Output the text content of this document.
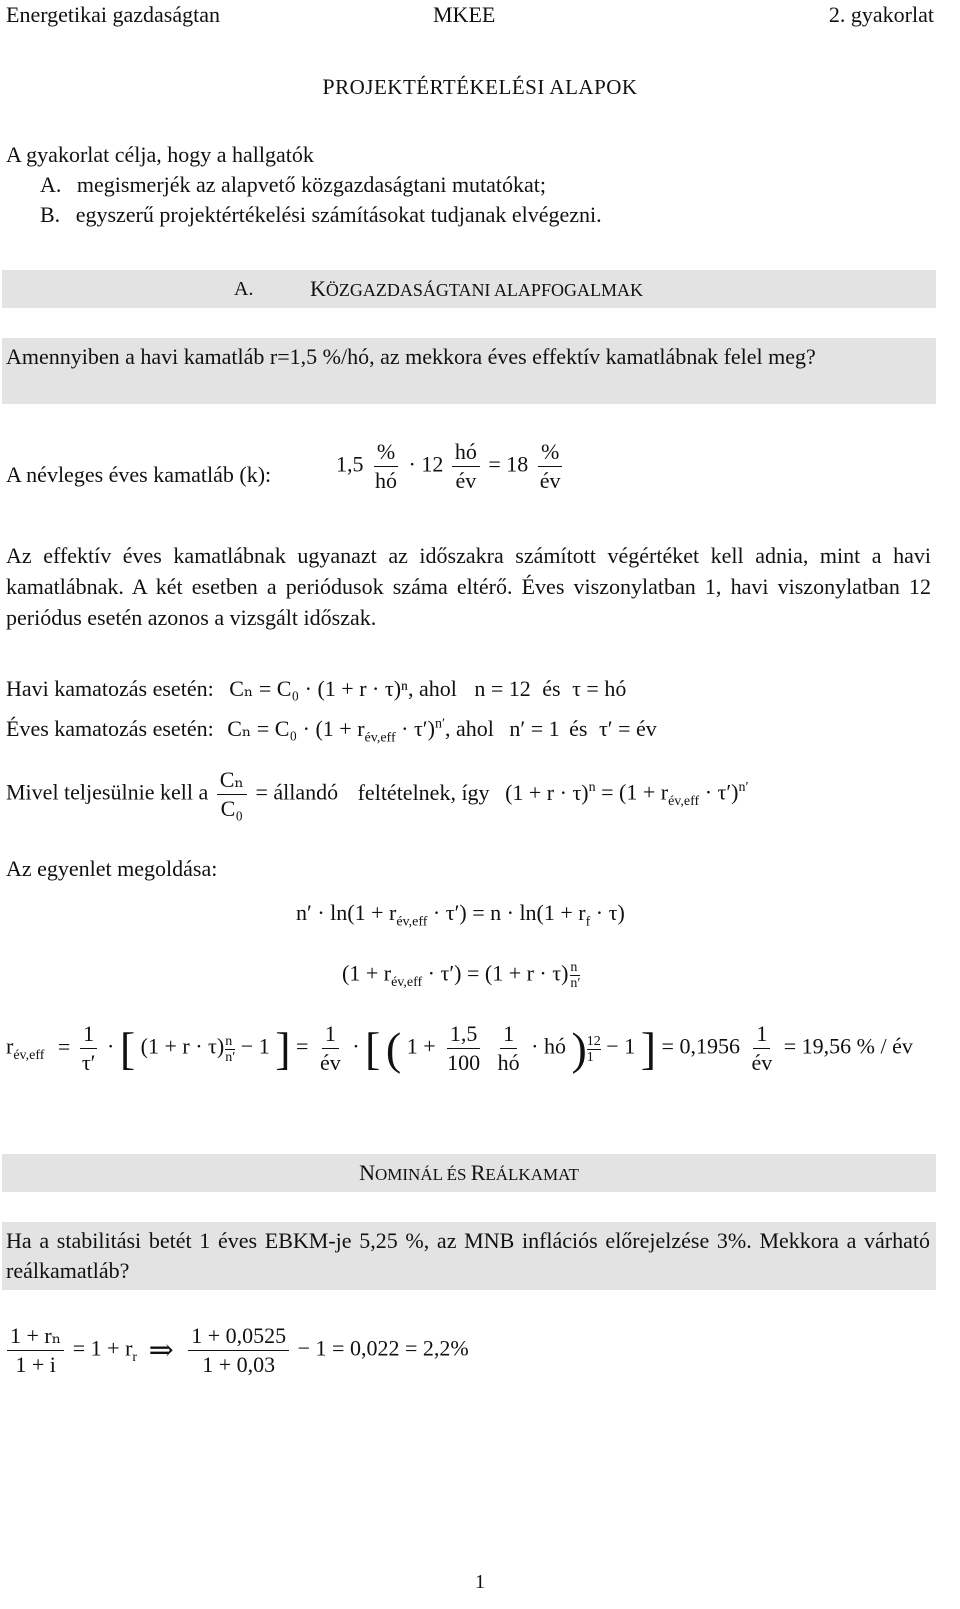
Energetikai gazdaságtan	MKEE	2. gyakorlat
PROJEKTÉRTÉKELÉSI ALAPOK
A gyakorlat célja, hogy a hallgatók
A. megismerjék az alapvető közgazdaságtani mutatókat;
B. egyszerű projektértékelési számításokat tudjanak elvégezni.
A.	KÖZGAZDASÁGTANI ALAPFOGALMAK
Amennyiben a havi kamatláb r=1,5 %/hó, az mekkora éves effektív kamatlábnak felel meg?
A névleges éves kamatláb (k):	$1,5 \frac{\%}{hó} \cdot 12 \frac{hó}{év} = 18 \frac{\%}{év}$
Az effektív éves kamatlábnak ugyanazt az időszakra számított végértéket kell adnia, mint a havi kamatlábnak. A két esetben a periódusok száma eltérő. Éves viszonylatban 1, havi viszonylatban 12 periódus esetén azonos a vizsgált időszak.
Havi kamatozás esetén: Cₙ = C₀ · (1 + r · τ)ⁿ, ahol n = 12 és τ = hó
Éves kamatozás esetén: $C_n = C_0 \cdot (1 + r_{év,eff} \cdot \tau')^{n'}$, ahol n′ = 1 és τ′ = év
Mivel teljesülnie kell a $\frac{\text{Cₙ}}{\text{C₀}}$ = állandó feltételnek, így $(1 + r \cdot \tau)^n = (1 + r_{év,eff} \cdot \tau')^{n'}$
Az egyenlet megoldása:
$n' \cdot \ln(1 + r_{év,eff} \cdot \tau') = n \cdot \ln(1 + r_f \cdot \tau)$
$(1 + r_{év,eff} \cdot \tau') = (1 + r \cdot \tau) \frac{n}{n'}$
$r_{év,eff} = \frac{1}{\tau'}$ · [ $(1 + r \cdot \tau) \frac{n}{n'} - 1$ ] = $\frac{1}{év}$ · [ ( $1 + \frac{1,5}{100}$
$\frac{1}{hó}$ · hó ) $\frac{12}{1} - 1$ ] = $0,1956 \frac{1}{év} = 19,56$ % / év
NOMINÁL ÉS REÁLKAMAT
Ha a stabilitási betét 1 éves EBKM-je 5,25 %, az MNB inflációs előrejelzése 3%. Mekkora a várható reálkamatláb?
$\frac{\text{1 + rₙ}}{1 + i} = 1 + r_r$ ⇒ $\frac{1 + 0,0525}{1 + 0,03} - 1 = 0,022 = 2,2\%$
1
